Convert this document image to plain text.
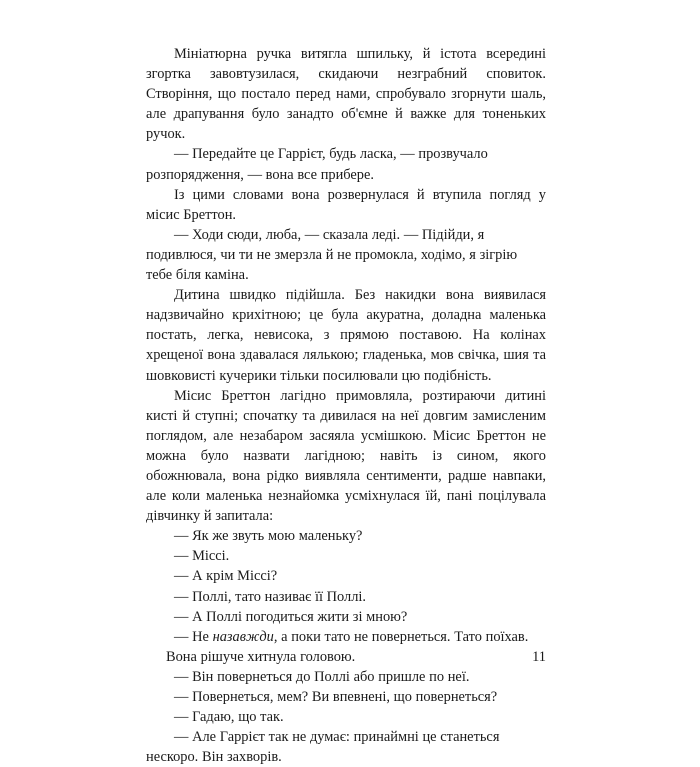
Мініатюрна ручка витягла шпильку, й істота всередині згортка завовтузилася, скидаючи незграбний сповиток. Створіння, що постало перед нами, спробувало згорнути шаль, але драпування було занадто об'ємне й важке для тоненьких ручок.

— Передайте це Гаррієт, будь ласка, — прозвучало розпорядження, — вона все прибере.

Із цими словами вона розвернулася й втупила погляд у місис Бреттон.

— Ходи сюди, люба, — сказала леді. — Підійди, я подивлюся, чи ти не змерзла й не промокла, ходімо, я зігрію тебе біля каміна.

Дитина швидко підійшла. Без накидки вона виявилася надзвичайно крихітною; це була акуратна, доладна маленька постать, легка, невисока, з прямою поставою. На колінах хрещеної вона здавалася лялькою; гладенька, мов свічка, шия та шовковисті кучерики тільки посилювали цю подібність.

Місис Бреттон лагідно примовляла, розтираючи дитині кисті й ступні; спочатку та дивилася на неї довгим замисленим поглядом, але незабаром засяяла усмішкою. Місис Бреттон не можна було назвати лагідною; навіть із сином, якого обожнювала, вона рідко виявляла сентименти, радше навпаки, але коли маленька незнайомка усміхнулася їй, пані поцілувала дівчинку й запитала:

— Як же звуть мою маленьку?

— Міссі.

— А крім Міссі?

— Поллі, тато називає її Поллі.

— А Поллі погодиться жити зі мною?

— Не назавжди, а поки тато не повернеться. Тато поїхав.

Вона рішуче хитнула головою.

— Він повернеться до Поллі або пришле по неї.

— Повернеться, мем? Ви впевнені, що повернеться?

— Гадаю, що так.

— Але Гаррієт так не думає: принаймні це станеться нескоро. Він захворів.

11
